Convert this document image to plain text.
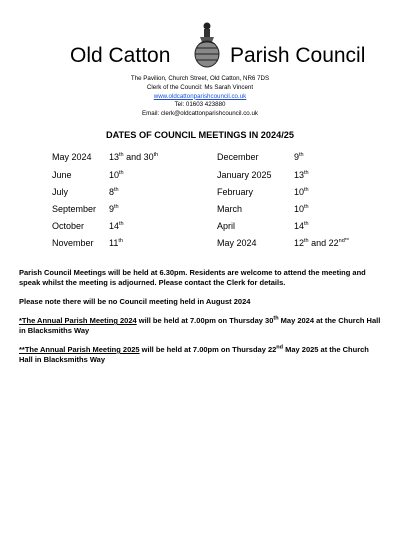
Old Catton	Parish Council
The Pavilion, Church Street, Old Catton, NR6 7DS
Clerk of the Council: Ms Sarah Vincent
www.oldcattonparishcouncil.co.uk
Tel: 01603 423880
Email: clerk@oldcattonparishcouncil.co.uk
DATES OF COUNCIL MEETINGS IN 2024/25
May 2024 13th and 30th	December	9th
June	10th	January 2025 13th
July	8th	February	10th
September 9th	March	10th
October	14th	April	14th
November 11th	May 2024	12th and $22^{nd**}$

Parish Council Meetings will be held at 6.30pm. Residents are welcome to attend the meeting and speak whilst the meeting is adjourned. Please contact the Clerk for details.

Please note there will be no Council meeting held in August 2024

*The Annual Parish Meeting 2024 will be held at 7.00pm on Thursday 30th May 2024 at the Church Hall in Blacksmiths Way

**The Annual Parish Meeting 2025 will be held at 7.00pm on Thursday 22nd May 2025 at the Church Hall in Blacksmiths Way
